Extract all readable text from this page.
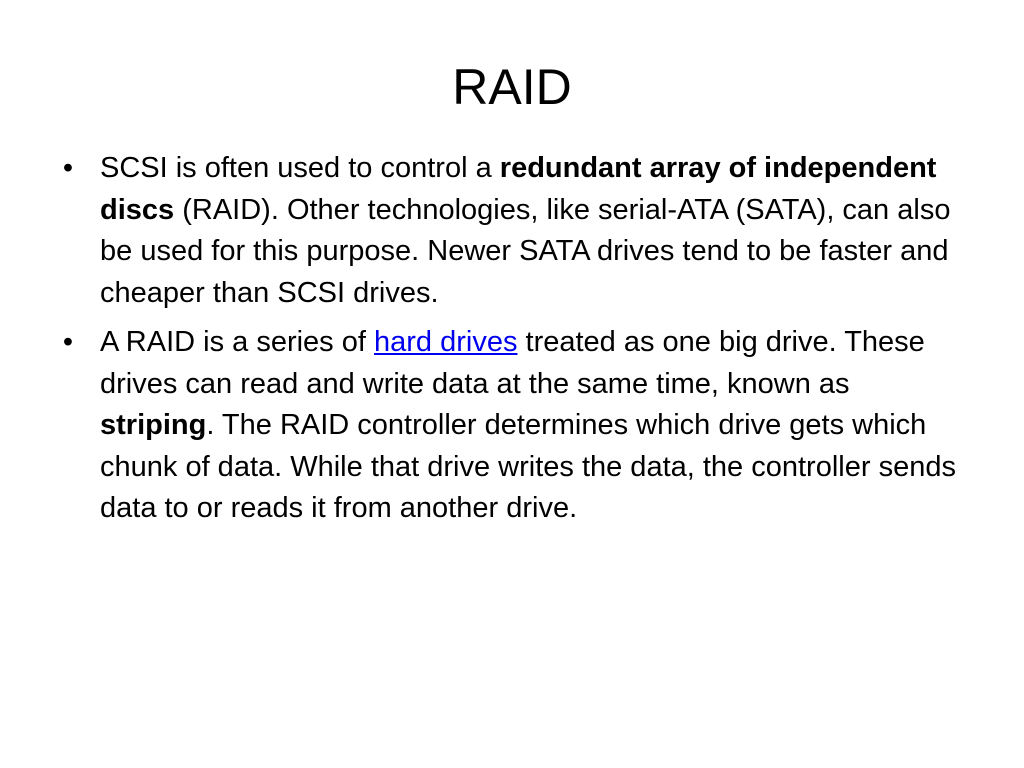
RAID
• SCSI is often used to control a redundant array of independent discs (RAID). Other technologies, like serial-ATA (SATA), can also be used for this purpose. Newer SATA drives tend to be faster and cheaper than SCSI drives.
• A RAID is a series of hard drives treated as one big drive. These drives can read and write data at the same time, known as striping. The RAID controller determines which drive gets which chunk of data. While that drive writes the data, the controller sends data to or reads it from another drive.
